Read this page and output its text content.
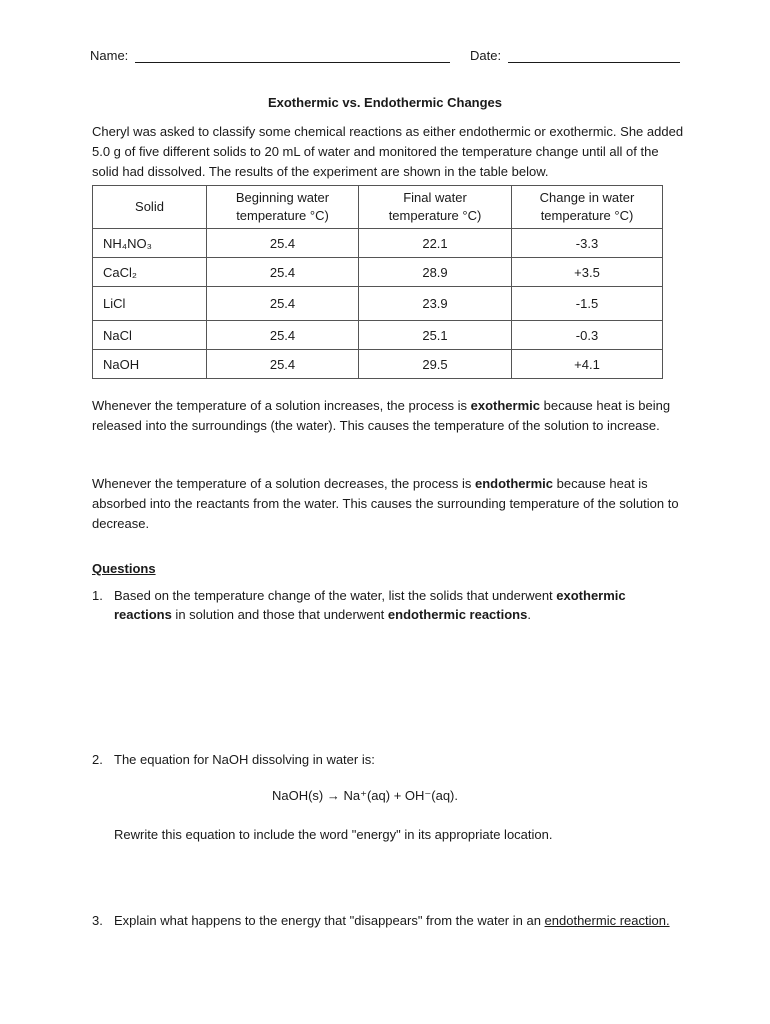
Name:	Date:
Exothermic vs. Endothermic Changes

Cheryl was asked to classify some chemical reactions as either endothermic or exothermic. She added 5.0 g of five different solids to 20 mL of water and monitored the temperature change until all of the solid had dissolved. The results of the experiment are shown in the table below.

Solid	Beginning water temperature °C)	Final water temperature °C)	Change in water temperature °C)
NH₄NO₃	25.4	22.1	-3.3
CaCl₂	25.4	28.9	+3.5
LiCl	25.4	23.9	-1.5
NaCl	25.4	25.1	-0.3
NaOH	25.4	29.5	+4.1

Whenever the temperature of a solution increases, the process is exothermic because heat is being released into the surroundings (the water). This causes the temperature of the solution to increase.

Whenever the temperature of a solution decreases, the process is endothermic because heat is absorbed into the reactants from the water. This causes the surrounding temperature of the solution to decrease.

Questions
1. Based on the temperature change of the water, list the solids that underwent exothermic reactions in solution and those that underwent endothermic reactions.
2. The equation for NaOH dissolving in water is:
NaOH(s) → Na⁺(aq) + OH⁻(aq).
Rewrite this equation to include the word "energy" in its appropriate location.
3. Explain what happens to the energy that "disappears" from the water in an endothermic reaction.
